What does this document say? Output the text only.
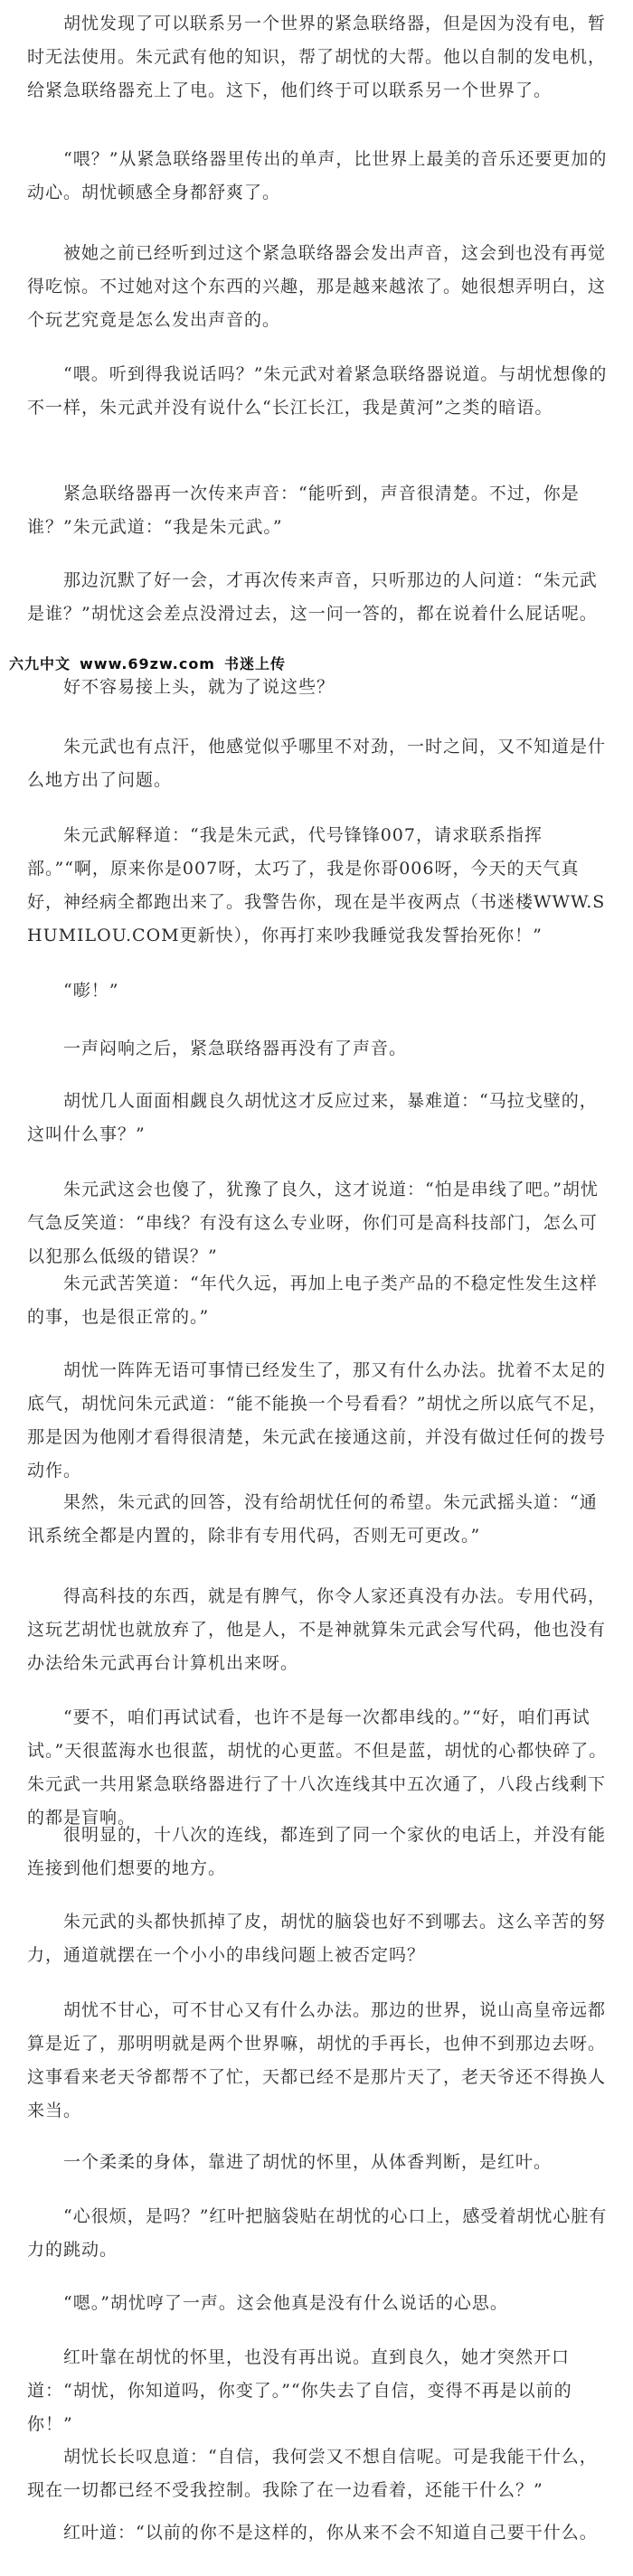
胡忧发现了可以联系另一个世界的紧急联络器，但是因为没有电，暂时无法使用。朱元武有他的知识，帮了胡忧的大帮。他以自制的发电机，给紧急联络器充上了电。这下，他们终于可以联系另一个世界了。

“喂？”从紧急联络器里传出的单声，比世界上最美的音乐还要更加的动心。胡忧顿感全身都舒爽了。

被她之前已经听到过这个紧急联络器会发出声音，这会到也没有再觉得吃惊。不过她对这个东西的兴趣，那是越来越浓了。她很想弄明白，这个玩艺究竟是怎么发出声音的。

“喂。听到得我说话吗？”朱元武对着紧急联络器说道。与胡忧想像的不一样，朱元武并没有说什么“长江长江，我是黄河”之类的暗语。

紧急联络器再一次传来声音：“能听到，声音很清楚。不过，你是谁？”朱元武道：“我是朱元武。”

那边沉默了好一会，才再次传来声音，只听那边的人问道：“朱元武是谁？”胡忧这会差点没滑过去，这一问一答的，都在说着什么屁话呢。

六九中文 www.69zw.com 书迷上传

好不容易接上头，就为了说这些？

朱元武也有点汗，他感觉似乎哪里不对劲，一时之间，又不知道是什么地方出了问题。

朱元武解释道：“我是朱元武，代号锋锋007，请求联系指挥部。”“啊，原来你是007呀，太巧了，我是你哥006呀，今天的天气真好，神经病全都跑出来了。我警告你，现在是半夜两点（书迷楼WWW.SHUMILOU.COM更新快），你再打来吵我睡觉我发誓抬死你！”

“嘭！”

一声闷响之后，紧急联络器再没有了声音。

胡忧几人面面相觑良久胡忧这才反应过来，暴难道：“马拉戈壁的，这叫什么事？”

朱元武这会也傻了，犹豫了良久，这才说道：“怕是串线了吧。”胡忧气急反笑道：“串线？有没有这么专业呀，你们可是高科技部门，怎么可以犯那么低级的错误？”

朱元武苦笑道：“年代久远，再加上电子类产品的不稳定性发生这样的事，也是很正常的。”

胡忧一阵阵无语可事情已经发生了，那又有什么办法。扰着不太足的底气，胡忧问朱元武道：“能不能换一个号看看？”胡忧之所以底气不足，那是因为他刚才看得很清楚，朱元武在接通这前，并没有做过任何的拨号动作。

果然，朱元武的回答，没有给胡忧任何的希望。朱元武摇头道：“通讯系统全都是内置的，除非有专用代码，否则无可更改。”

得高科技的东西，就是有脾气，你令人家还真没有办法。专用代码，这玩艺胡忧也就放弃了，他是人，不是神就算朱元武会写代码，他也没有办法给朱元武再台计算机出来呀。

“要不，咱们再试试看，也许不是每一次都串线的。”“好，咱们再试试。”天很蓝海水也很蓝，胡忧的心更蓝。不但是蓝，胡忧的心都快碎了。朱元武一共用紧急联络器进行了十八次连线其中五次通了，八段占线剩下的都是盲响。

很明显的，十八次的连线，都连到了同一个家伙的电话上，并没有能连接到他们想要的地方。

朱元武的头都快抓掉了皮，胡忧的脑袋也好不到哪去。这么辛苦的努力，通道就摆在一个小小的串线问题上被否定吗？

胡忧不甘心，可不甘心又有什么办法。那边的世界，说山高皇帝远都算是近了，那明明就是两个世界嘛，胡忧的手再长，也伸不到那边去呀。这事看来老天爷都帮不了忙，天都已经不是那片天了，老天爷还不得换人来当。

一个柔柔的身体，靠进了胡忧的怀里，从体香判断，是红叶。

“心很烦，是吗？”红叶把脑袋贴在胡忧的心口上，感受着胡忧心脏有力的跳动。

“嗯。”胡忧哼了一声。这会他真是没有什么说话的心思。

红叶靠在胡忧的怀里，也没有再出说。直到良久，她才突然开口道：“胡忧，你知道吗，你变了。”“你失去了自信，变得不再是以前的你！”

胡忧长长叹息道：“自信，我何尝又不想自信呢。可是我能干什么，现在一切都已经不受我控制。我除了在一边看着，还能干什么？”

红叶道：“以前的你不是这样的，你从来不会不知道自己要干什么。
